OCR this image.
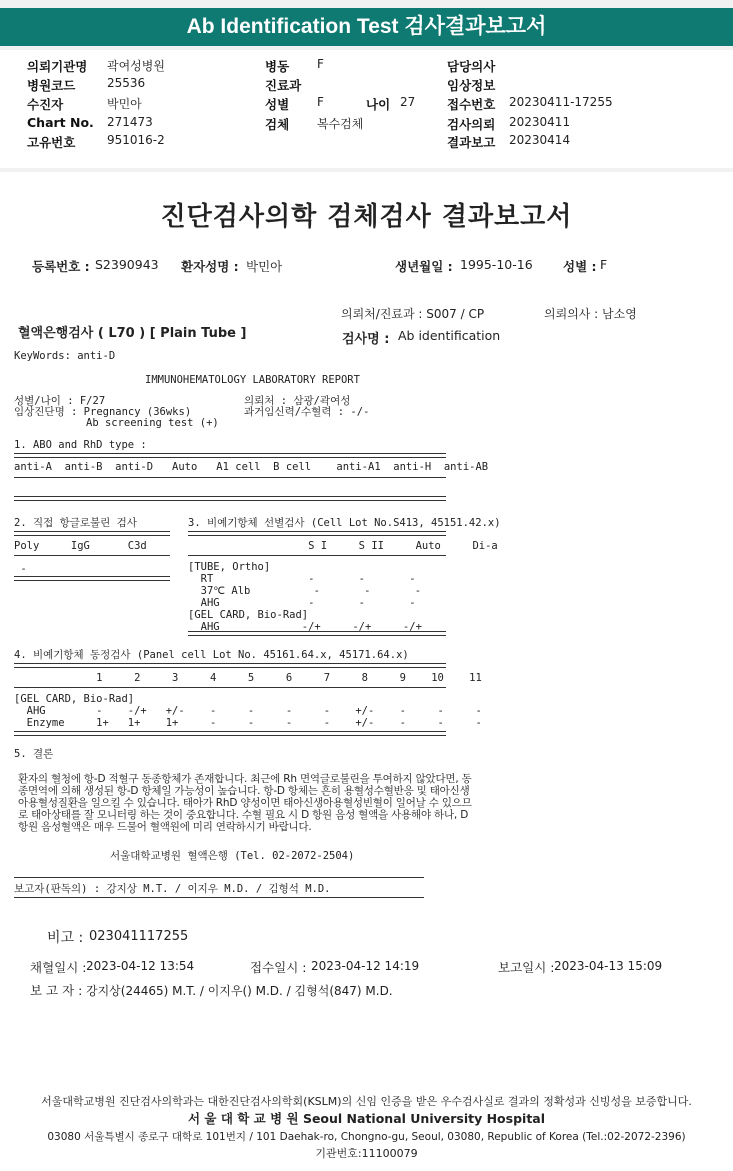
Ab Identification Test 검사결과보고서
의뢰기관명 곽여성병원
병원코드	25536
수진자	박민아
Chart No. 271473
고유번호	951016-2
병동 F
진료과
성별 F	나이 27
검체 복수검체
담당의사
임상정보
접수번호 20230411-17255
검사의뢰 20230411
결과보고 20230414
진단검사의학 검체검사 결과보고서
등록번호 : S2390943 환자성명 : 박민아	생년월일 : 1995-10-16 성별 : F
의뢰처/진료과 : S007 / CP	의뢰의사 : 남소영
혈액은행검사 ( L70 ) [ Plain Tube ]	검사명 : Ab identification
KeyWords: anti-D
IMMUNOHEMATOLOGY LABORATORY REPORT
성별/나이 : F/27
임상진단명 : Pregnancy (36wks)
Ab screening test (+)
의뢰처 : 삼광/곽여성
과거임신력/수혈력 : -/-
1. ABO and RhD type :
anti-A  anti-B  anti-D   Auto   A1 cell  B cell    anti-A1  anti-H  anti-AB
2. 직접 항글로불린 검사
Poly     IgG      C3d
-
3. 비예기항체 선별검사 (Cell Lot No.S413, 45151.42.x)
S I     S II     Auto     Di-a
[TUBE, Ortho]
RT               -       -       -
37℃ Alb          -       -       -
AHG              -       -       -
[GEL CARD, Bio-Rad]
AHG             -/+     -/+     -/+
4. 비예기항체 동정검사 (Panel cell Lot No. 45161.64.x, 45171.64.x)
1     2     3     4     5     6     7     8     9    10    11
[GEL CARD, Bio-Rad]
AHG        -    -/+   +/-    -     -     -     -    +/-    -     -     -
Enzyme     1+   1+    1+     -     -     -     -    +/-    -     -     -
5. 결론
환자의 혈청에 항-D 적혈구 동종항체가 존재합니다. 최근에 Rh 면역글로불린을 투여하지 않았다면, 동종면역에 의해 생성된 항-D 항체일 가능성이 높습니다. 항-D 항체는 흔히 용혈성수혈반응 및 태아신생아용혈성질환을 일으킬 수 있습니다. 태아가 RhD 양성이면 태아신생아용혈성빈혈이 일어날 수 있으므로 태아상태를 잘 모니터링 하는 것이 중요합니다. 수혈 필요 시 D 항원 음성 혈액을 사용해야 하나, D 항원 음성혈액은 매우 드물어 혈액원에 미리 연락하시기 바랍니다.
서울대학교병원 혈액은행 (Tel. 02-2072-2504)
보고자(판독의) : 강지상 M.T. / 이지우 M.D. / 김형석 M.D.
비고 : 023041117255
채혈일시 : 2023-04-12 13:54	접수일시 : 2023-04-12 14:19	보고일시 : 2023-04-13 15:09
보 고 자 : 강지상(24465) M.T. / 이지우() M.D. / 김형석(847) M.D.
서울대학교병원 진단검사의학과는 대한진단검사의학회(KSLM)의 신임 인증을 받은 우수검사실로 결과의 정확성과 신빙성을 보증합니다.
서 울 대 학 교 병 원 Seoul National University Hospital
03080 서울특별시 종로구 대학로 101번지 / 101 Daehak-ro, Chongno-gu, Seoul, 03080, Republic of Korea (Tel.:02-2072-2396)
기관번호:11100079
